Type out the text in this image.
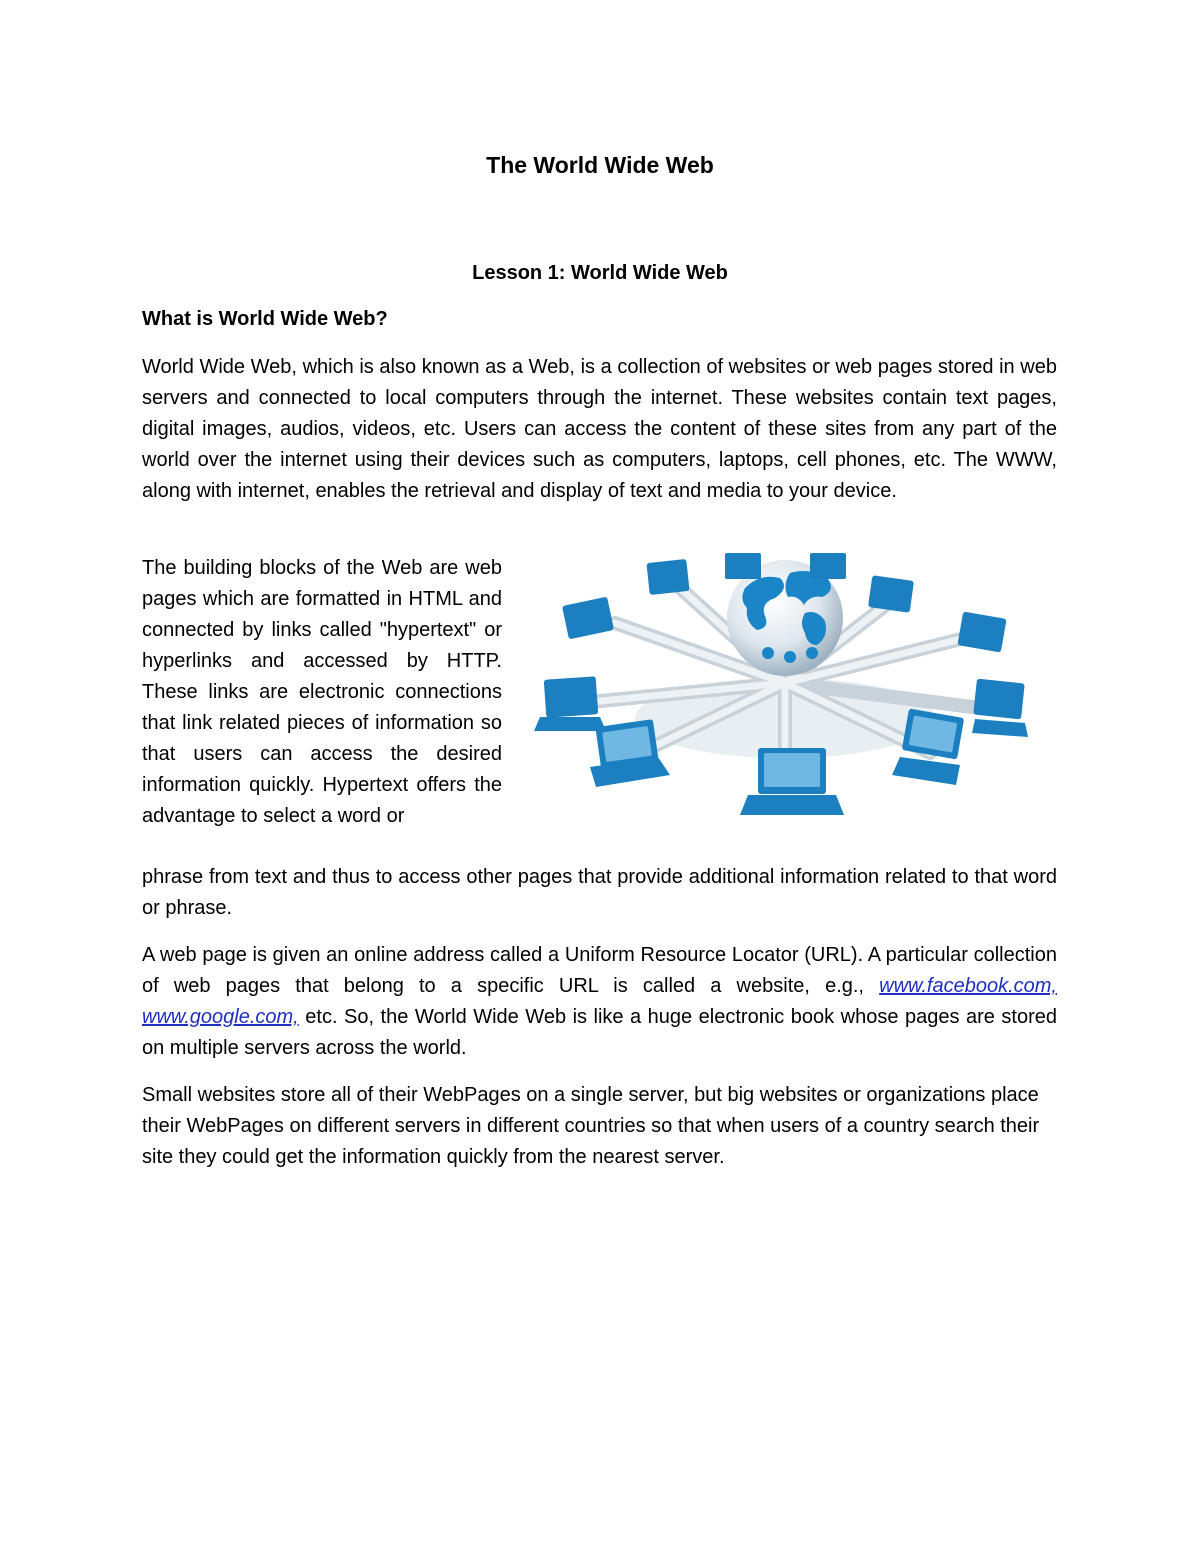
The World Wide Web
Lesson 1: World Wide Web
What is World Wide Web?
World Wide Web, which is also known as a Web, is a collection of websites or web pages stored in web servers and connected to local computers through the internet. These websites contain text pages, digital images, audios, videos, etc. Users can access the content of these sites from any part of the world over the internet using their devices such as computers, laptops, cell phones, etc. The WWW, along with internet, enables the retrieval and display of text and media to your device.
The building blocks of the Web are web pages which are formatted in HTML and connected by links called "hypertext" or hyperlinks and accessed by HTTP. These links are electronic connections that link related pieces of information so that users can access the desired information quickly. Hypertext offers the advantage to select a word or
phrase from text and thus to access other pages that provide additional information related to that word or phrase.
A web page is given an online address called a Uniform Resource Locator (URL). A particular collection of web pages that belong to a specific URL is called a website, e.g., www.facebook.com, www.google.com, etc. So, the World Wide Web is like a huge electronic book whose pages are stored on multiple servers across the world.
Small websites store all of their WebPages on a single server, but big websites or organizations place their WebPages on different servers in different countries so that when users of a country search their site they could get the information quickly from the nearest server.
